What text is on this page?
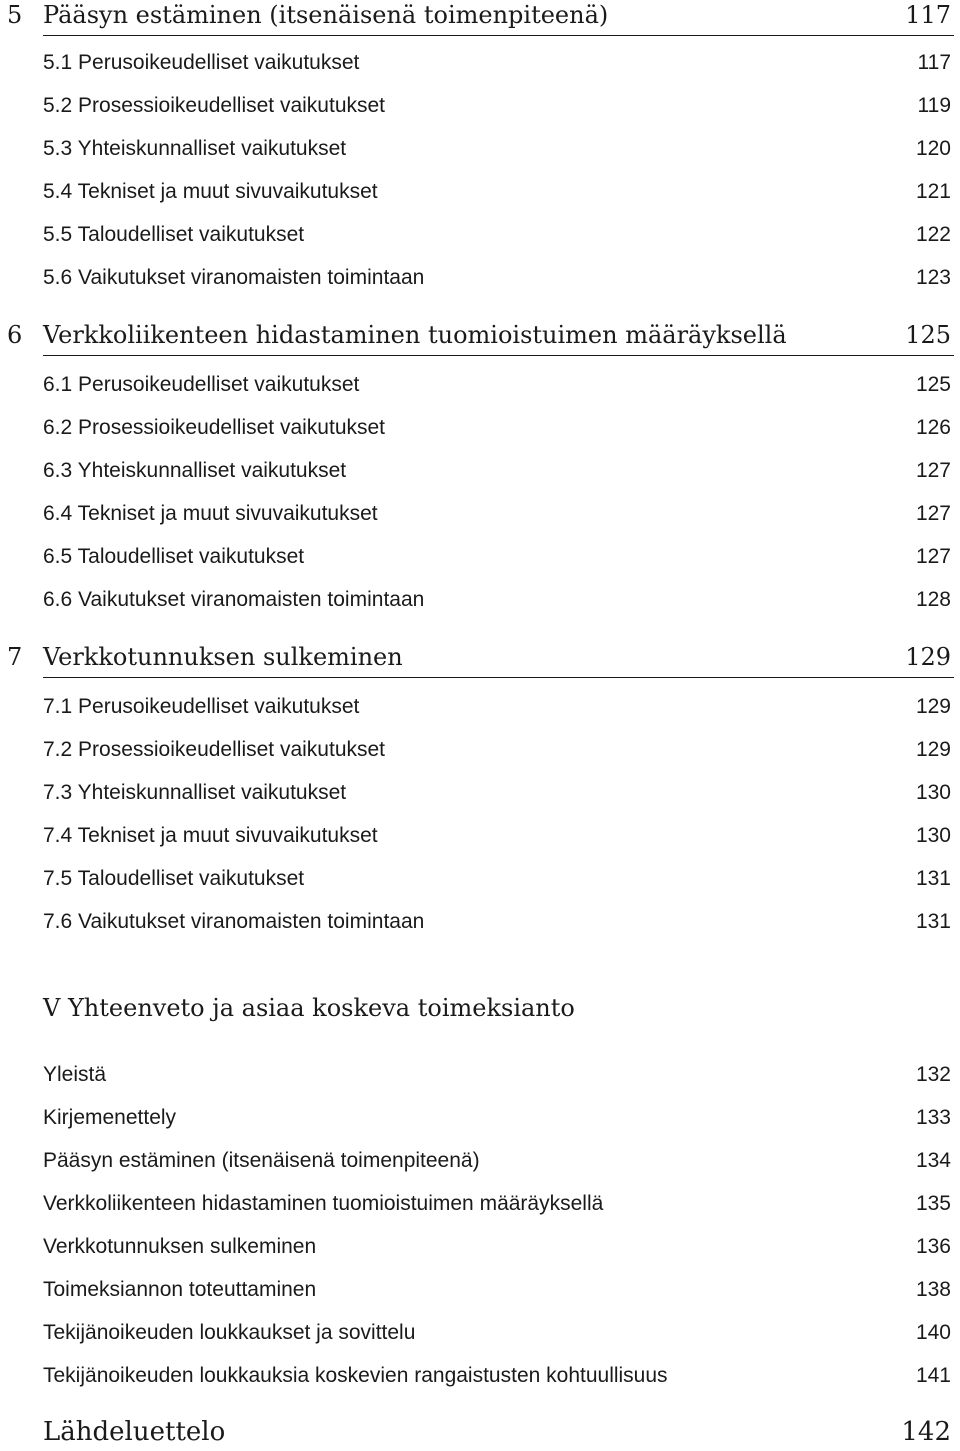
5 Pääsyn estäminen (itsenäisenä toimenpiteenä)	117
5.1 Perusoikeudelliset vaikutukset	117
5.2 Prosessioikeudelliset vaikutukset	119
5.3 Yhteiskunnalliset vaikutukset	120
5.4 Tekniset ja muut sivuvaikutukset	121
5.5 Taloudelliset vaikutukset	122
5.6 Vaikutukset viranomaisten toimintaan	123
6 Verkkoliikenteen hidastaminen tuomioistuimen määräyksellä	125
6.1 Perusoikeudelliset vaikutukset	125
6.2 Prosessioikeudelliset vaikutukset	126
6.3 Yhteiskunnalliset vaikutukset	127
6.4 Tekniset ja muut sivuvaikutukset	127
6.5 Taloudelliset vaikutukset	127
6.6 Vaikutukset viranomaisten toimintaan	128
7 Verkkotunnuksen sulkeminen	129
7.1 Perusoikeudelliset vaikutukset	129
7.2 Prosessioikeudelliset vaikutukset	129
7.3 Yhteiskunnalliset vaikutukset	130
7.4 Tekniset ja muut sivuvaikutukset	130
7.5 Taloudelliset vaikutukset	131
7.6 Vaikutukset viranomaisten toimintaan	131
V Yhteenveto ja asiaa koskeva toimeksianto
Yleistä	132
Kirjemenettely	133
Pääsyn estäminen (itsenäisenä toimenpiteenä)	134
Verkkoliikenteen hidastaminen tuomioistuimen määräyksellä	135
Verkkotunnuksen sulkeminen	136
Toimeksiannon toteuttaminen	138
Tekijänoikeuden loukkaukset ja sovittelu	140
Tekijänoikeuden loukkauksia koskevien rangaistusten kohtuullisuus	141
Lähdeluettelo	142
